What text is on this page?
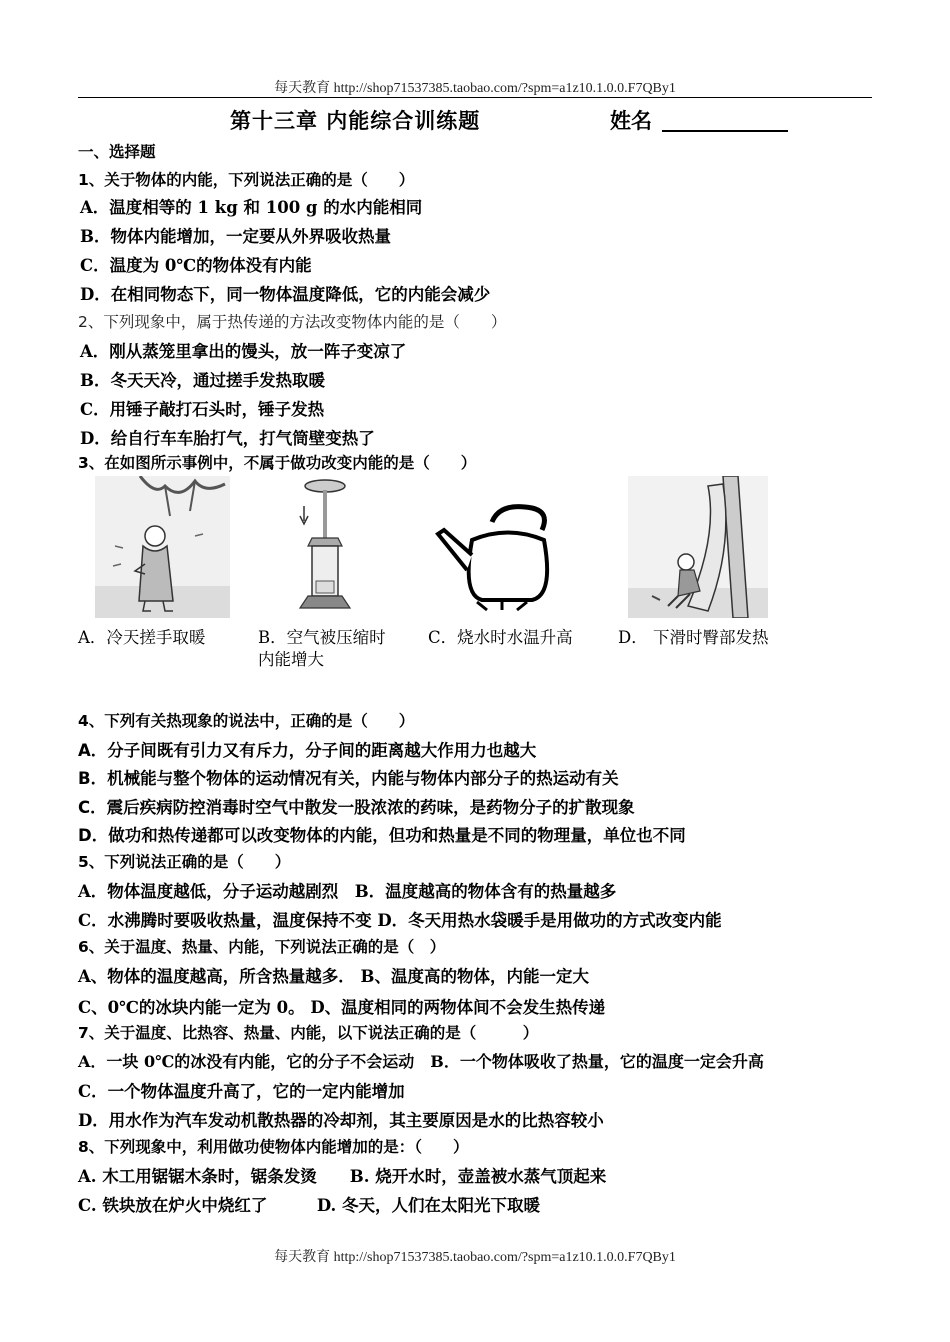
每天教育 http://shop71537385.taobao.com/?spm=a1z10.1.0.0.F7QBy1
第十三章 内能综合训练题	姓名
一、选择题
1、关于物体的内能，下列说法正确的是（　　）
A．温度相等的 1 kg 和 100 g 的水内能相同
B．物体内能增加，一定要从外界吸收热量
C．温度为 0℃的物体没有内能
D．在相同物态下，同一物体温度降低，它的内能会减少
2、下列现象中，属于热传递的方法改变物体内能的是（　　）
A．刚从蒸笼里拿出的馒头，放一阵子变凉了
B．冬天天冷，通过搓手发热取暖
C．用锤子敲打石头时，锤子发热
D．给自行车车胎打气，打气筒壁变热了
3、在如图所示事例中，不属于做功改变内能的是（　　）
A．冷天搓手取暖	B．空气被压缩时
内能增大
C．烧水时水温升高	D． 下滑时臀部发热
4、下列有关热现象的说法中，正确的是（　　）
A．分子间既有引力又有斥力，分子间的距离越大作用力也越大
B．机械能与整个物体的运动情况有关，内能与物体内部分子的热运动有关
C．震后疾病防控消毒时空气中散发一股浓浓的药味，是药物分子的扩散现象
D．做功和热传递都可以改变物体的内能，但功和热量是不同的物理量，单位也不同
5、下列说法正确的是（　　）
A．物体温度越低，分子运动越剧烈　B．温度越高的物体含有的热量越多
C．水沸腾时要吸收热量，温度保持不变 D．冬天用热水袋暖手是用做功的方式改变内能
6、关于温度、热量、内能，下列说法正确的是（　）
A、物体的温度越高，所含热量越多． B、温度高的物体，内能一定大
C、0℃的冰块内能一定为 0。 D、温度相同的两物体间不会发生热传递
7、关于温度、比热容、热量、内能，以下说法正确的是（　　　）
A．一块 0℃的冰没有内能，它的分子不会运动　B．一个物体吸收了热量，它的温度一定会升高
C．一个物体温度升高了，它的一定内能增加
D．用水作为汽车发动机散热器的冷却剂，其主要原因是水的比热容较小
8、下列现象中，利用做功使物体内能增加的是：（　　）
A. 木工用锯锯木条时，锯条发烫　　B. 烧开水时，壶盖被水蒸气顶起来
C. 铁块放在炉火中烧红了　　　D. 冬天，人们在太阳光下取暖
每天教育 http://shop71537385.taobao.com/?spm=a1z10.1.0.0.F7QBy1
